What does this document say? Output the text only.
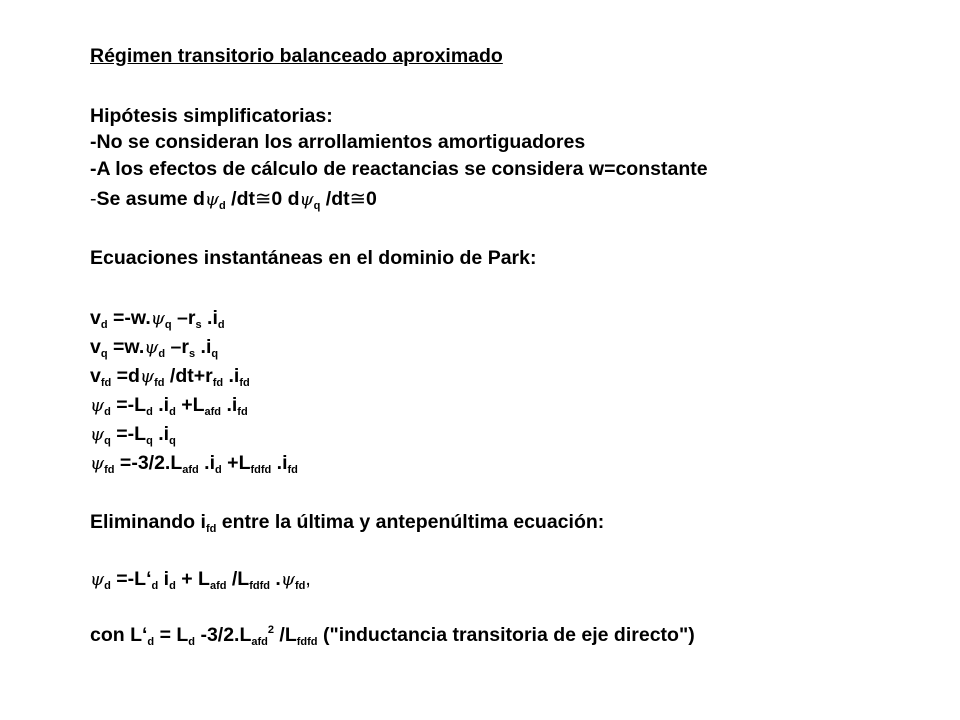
Régimen transitorio balanceado aproximado
Hipótesis simplificatorias:
-No se consideran los arrollamientos amortiguadores
-A los efectos de cálculo de reactancias se considera w=constante
-Se asume $d\psi_d$ /dt≅0 $d\psi_q$ /dt≅0
Ecuaciones instantáneas en el dominio de Park:
$v_d =-w.\psi_q$ $-r_s$ $.i_d$
$v_q =w.\psi_d$ $-r_s$ $.i_q$
$v_{fd} =d\psi_{fd}$ $/dt+r_{fd}$ $.i_{fd}$
$\psi_d =-L_d$ $.i_d +L_{afd}$ $.i_{fd}$
$\psi_q =-L_q$ $.i_q$
$\psi_{fd} =-3/2.L_{afd}$ $.i_d +L_{fdfd}$ $.i_{fd}$
Eliminando $i_{fd}$ entre la última y antepenúltima ecuación:
$\psi_d$ $=-L‘_d$ $i_d + L_{afd}$ $/L_{fdfd}$ $.\psi_{fd}$,
con $L‘_d = L_d$ $-3/2.L_{afd}^2$ $/L_{fdfd}$ ("inductancia transitoria de eje directo")
